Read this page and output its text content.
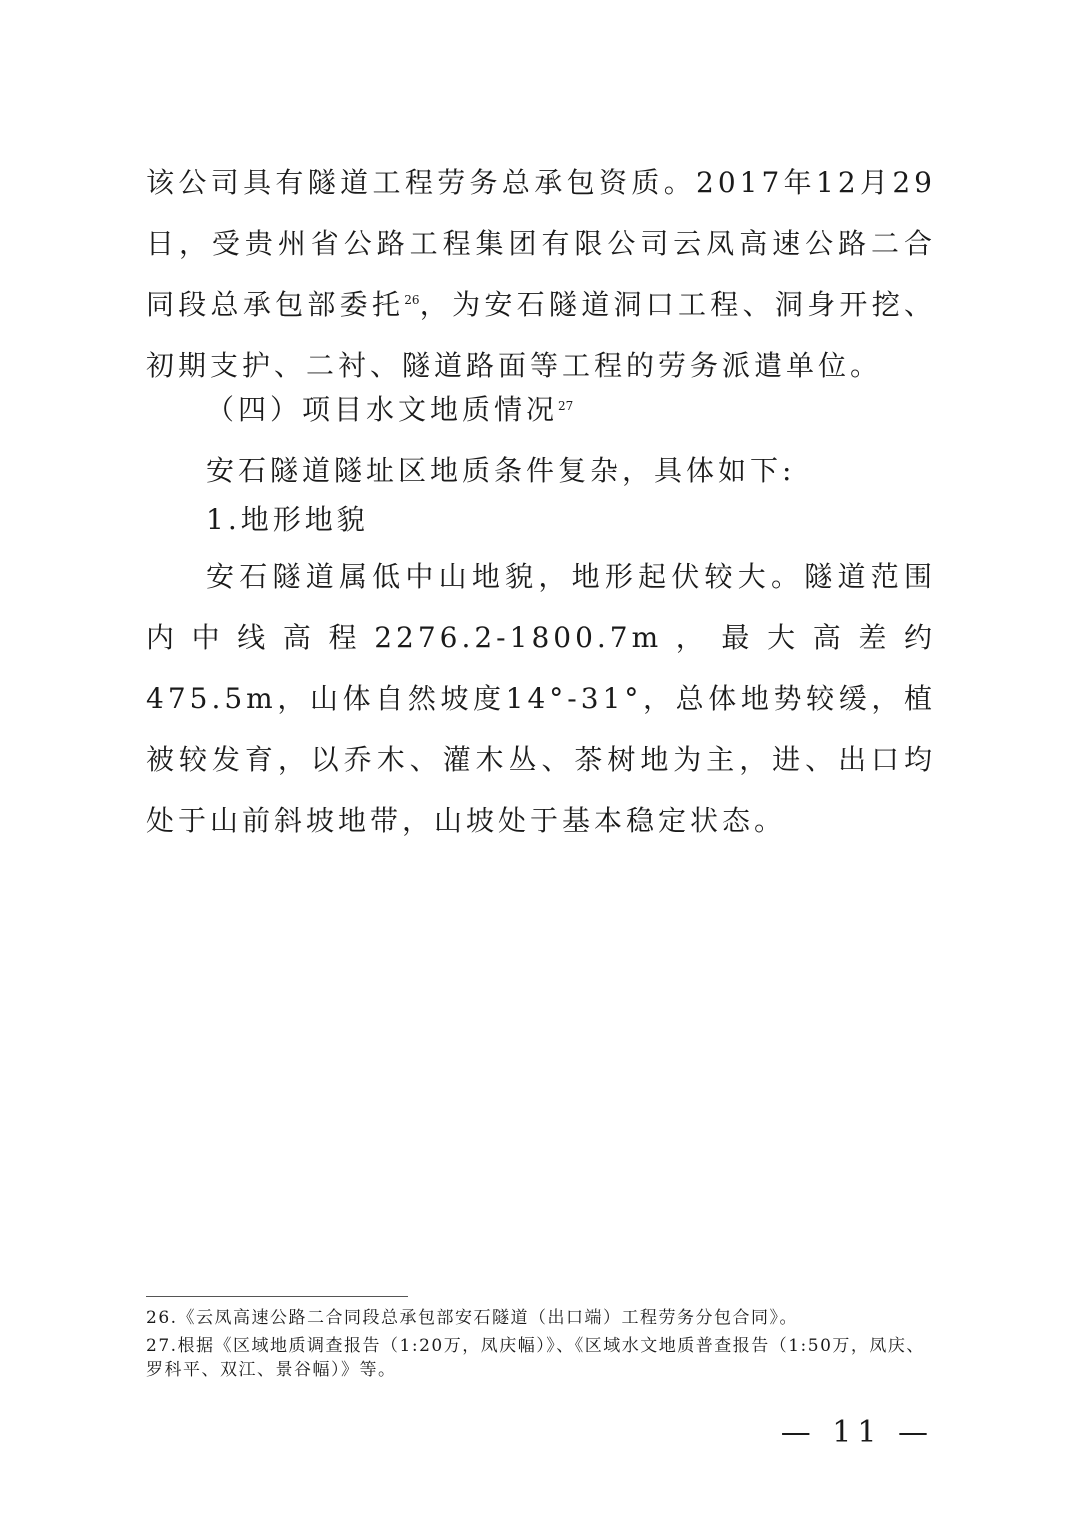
该公司具有隧道工程劳务总承包资质。2017年12月29日，受贵州省公路工程集团有限公司云凤高速公路二合同段总承包部委托$^{26}$，为安石隧道洞口工程、洞身开挖、初期支护、二衬、隧道路面等工程的劳务派遣单位。

（四）项目水文地质情况$^{27}$

安石隧道隧址区地质条件复杂，具体如下:

1.地形地貌

安石隧道属低中山地貌，地形起伏较大。隧道范围内中线高程2276.2-1800.7m，最大高差约475.5m，山体自然坡度14°-31°，总体地势较缓，植被较发育，以乔木、灌木丛、茶树地为主，进、出口均处于山前斜坡地带，山坡处于基本稳定状态。

26.《云凤高速公路二合同段总承包部安石隧道（出口端）工程劳务分包合同》。

27.根据《区域地质调查报告（1:20万，凤庆幅）》、《区域水文地质普查报告（1:50万，凤庆、罗科平、双江、景谷幅）》等。

— 11 —
